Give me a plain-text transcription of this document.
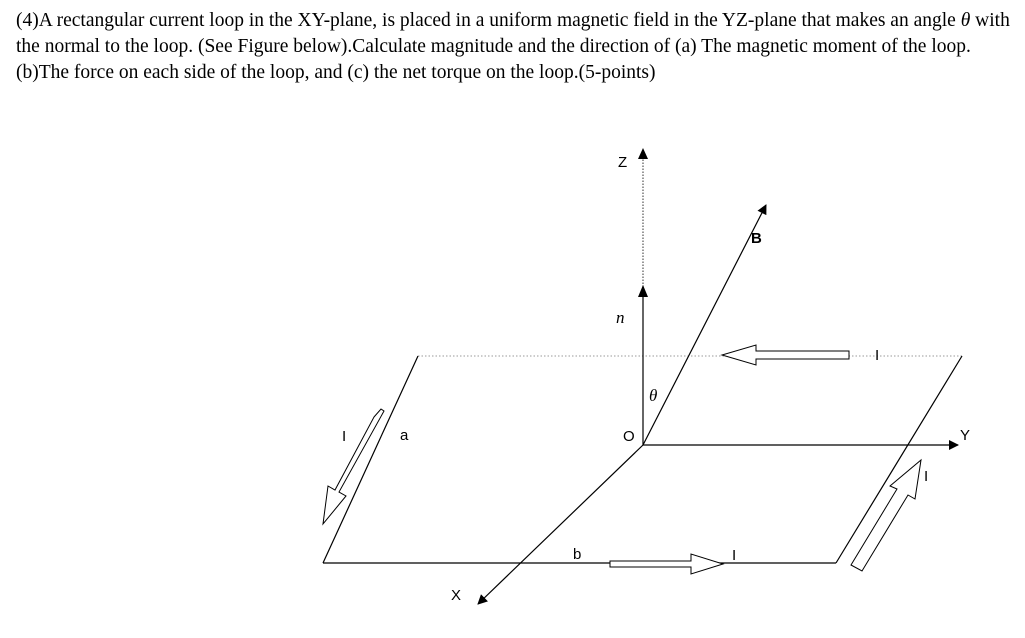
(4)A rectangular current loop in the XY-plane, is placed in a uniform magnetic field in the YZ-plane that makes an angle θ with the normal to the loop. (See Figure below).Calculate magnitude and the direction of (a) The magnetic moment of the loop.(b)The force on each side of the loop, and (c) the net torque on the loop.(5-points)
Z
B
n
θ
O	Y
X
a
b
I
I
I
I
